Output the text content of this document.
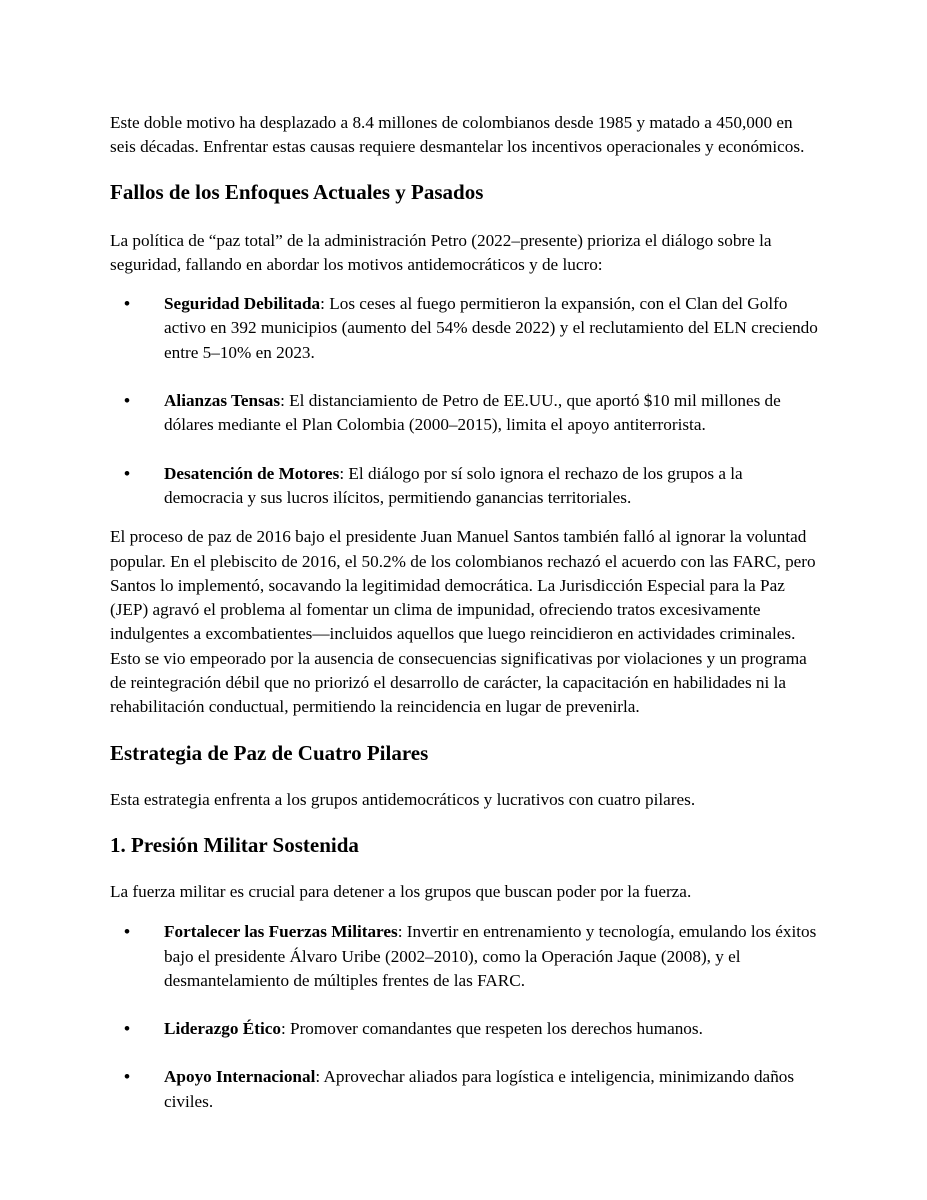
Este doble motivo ha desplazado a 8.4 millones de colombianos desde 1985 y matado a 450,000 en seis décadas. Enfrentar estas causas requiere desmantelar los incentivos operacionales y económicos.

Fallos de los Enfoques Actuales y Pasados

La política de “paz total” de la administración Petro (2022–presente) prioriza el diálogo sobre la seguridad, fallando en abordar los motivos antidemocráticos y de lucro:

• Seguridad Debilitada: Los ceses al fuego permitieron la expansión, con el Clan del Golfo activo en 392 municipios (aumento del 54% desde 2022) y el reclutamiento del ELN creciendo entre 5–10% en 2023.
• Alianzas Tensas: El distanciamiento de Petro de EE.UU., que aportó $10 mil millones de dólares mediante el Plan Colombia (2000–2015), limita el apoyo antiterrorista.
• Desatención de Motores: El diálogo por sí solo ignora el rechazo de los grupos a la democracia y sus lucros ilícitos, permitiendo ganancias territoriales.

El proceso de paz de 2016 bajo el presidente Juan Manuel Santos también falló al ignorar la voluntad popular. En el plebiscito de 2016, el 50.2% de los colombianos rechazó el acuerdo con las FARC, pero Santos lo implementó, socavando la legitimidad democrática. La Jurisdicción Especial para la Paz (JEP) agravó el problema al fomentar un clima de impunidad, ofreciendo tratos excesivamente indulgentes a excombatientes—incluidos aquellos que luego reincidieron en actividades criminales. Esto se vio empeorado por la ausencia de consecuencias significativas por violaciones y un programa de reintegración débil que no priorizó el desarrollo de carácter, la capacitación en habilidades ni la rehabilitación conductual, permitiendo la reincidencia en lugar de prevenirla.

Estrategia de Paz de Cuatro Pilares

Esta estrategia enfrenta a los grupos antidemocráticos y lucrativos con cuatro pilares.

1. Presión Militar Sostenida

La fuerza militar es crucial para detener a los grupos que buscan poder por la fuerza.

• Fortalecer las Fuerzas Militares: Invertir en entrenamiento y tecnología, emulando los éxitos bajo el presidente Álvaro Uribe (2002–2010), como la Operación Jaque (2008), y el desmantelamiento de múltiples frentes de las FARC.
• Liderazgo Ético: Promover comandantes que respeten los derechos humanos.
• Apoyo Internacional: Aprovechar aliados para logística e inteligencia, minimizando daños civiles.
